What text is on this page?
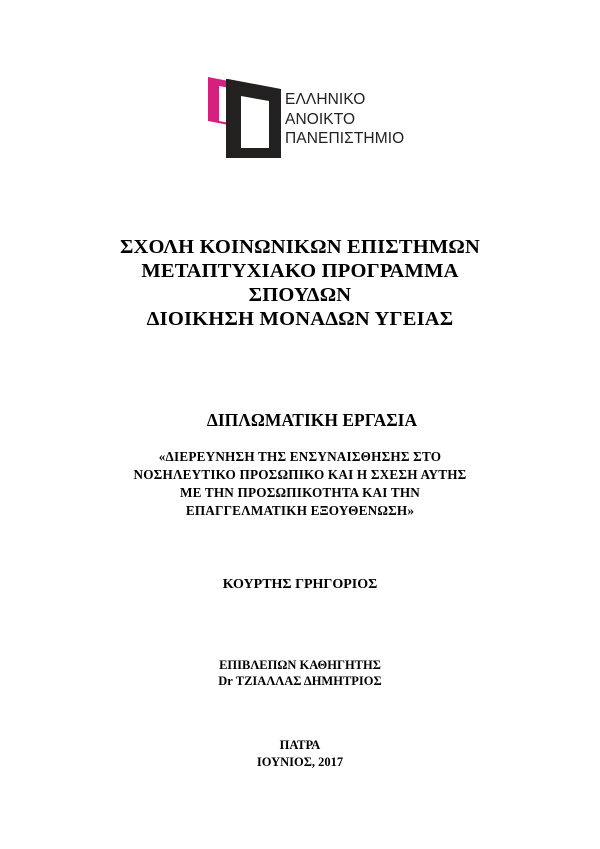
ΕΛΛΗΝΙΚΟ
ΑΝΟΙΚΤΟ
ΠΑΝΕΠΙΣΤΗΜΙΟ
ΣΧΟΛΗ ΚΟΙΝΩΝΙΚΩΝ ΕΠΙΣΤΗΜΩΝ
ΜΕΤΑΠΤΥΧΙΑΚΟ ΠΡΟΓΡΑΜΜΑ
ΣΠΟΥΔΩΝ
ΔΙΟΙΚΗΣΗ ΜΟΝΑΔΩΝ ΥΓΕΙΑΣ
ΔΙΠΛΩΜΑΤΙΚΗ ΕΡΓΑΣΙΑ
«ΔΙΕΡΕΥΝΗΣΗ ΤΗΣ ΕΝΣΥΝΑΙΣΘΗΣΗΣ ΣΤΟ
ΝΟΣΗΛΕΥΤΙΚΟ ΠΡΟΣΩΠΙΚΟ ΚΑΙ Η ΣΧΕΣΗ ΑΥΤΗΣ
ΜΕ ΤΗΝ ΠΡΟΣΩΠΙΚΟΤΗΤΑ ΚΑΙ ΤΗΝ
ΕΠΑΓΓΕΛΜΑΤΙΚΗ ΕΞΟΥΘΕΝΩΣΗ»
ΚΟΥΡΤΗΣ ΓΡΗΓΟΡΙΟΣ
ΕΠΙΒΛΕΠΩΝ ΚΑΘΗΓΗΤΗΣ
Dr ΤΖΙΑΛΛΑΣ ΔΗΜΗΤΡΙΟΣ
ΠΑΤΡΑ
ΙΟΥΝΙΟΣ, 2017
